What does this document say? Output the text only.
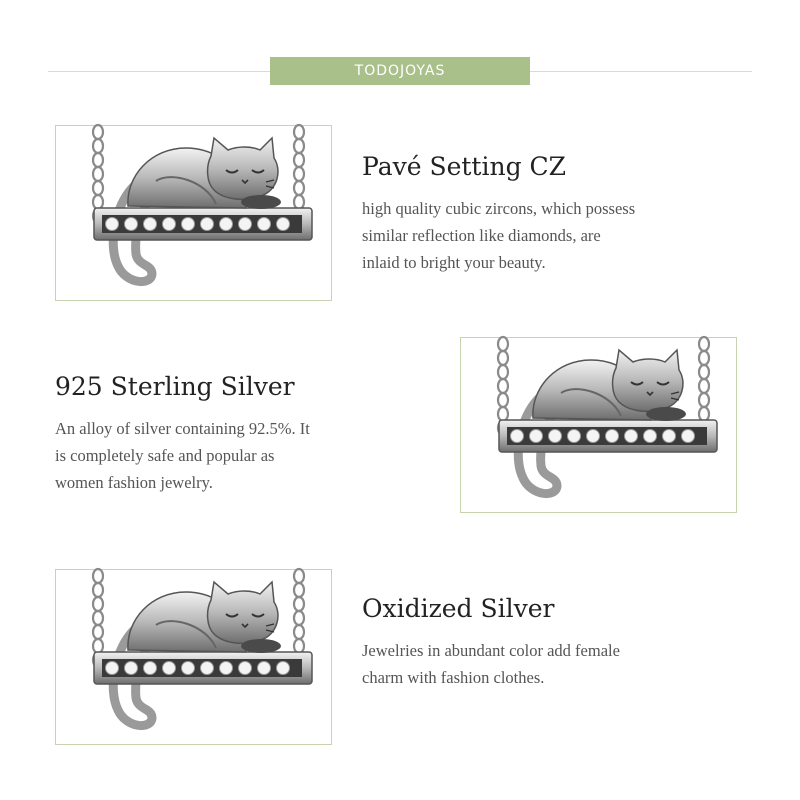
TODOJOYAS
Pavé Setting CZ

high quality cubic zircons, which possess
similar reflection like diamonds, are
inlaid to bright your beauty.

925 Sterling Silver

An alloy of silver containing 92.5%. It
is completely safe and popular as
women fashion jewelry.

Oxidized Silver

Jewelries in abundant color add female
charm with fashion clothes.
